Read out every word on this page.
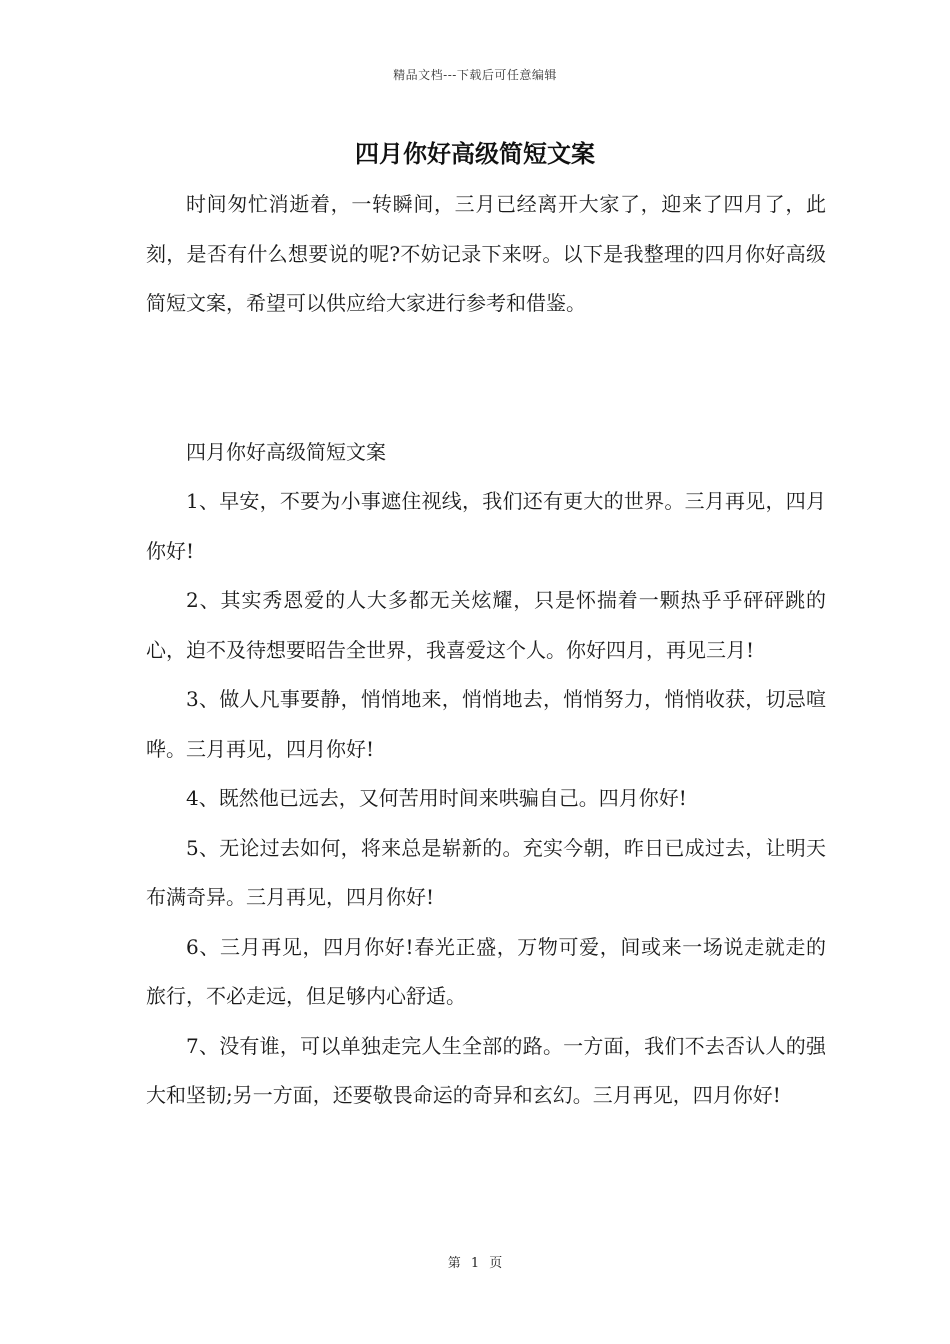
精品文档---下载后可任意编辑
四月你好高级简短文案

时间匆忙消逝着，一转瞬间，三月已经离开大家了，迎来了四月了，此刻，是否有什么想要说的呢?不妨记录下来呀。以下是我整理的四月你好高级简短文案，希望可以供应给大家进行参考和借鉴。

四月你好高级简短文案

1、早安，不要为小事遮住视线，我们还有更大的世界。三月再见，四月你好!

2、其实秀恩爱的人大多都无关炫耀，只是怀揣着一颗热乎乎砰砰跳的心，迫不及待想要昭告全世界，我喜爱这个人。你好四月，再见三月!

3、做人凡事要静，悄悄地来，悄悄地去，悄悄努力，悄悄收获，切忌喧哗。三月再见，四月你好!

4、既然他已远去，又何苦用时间来哄骗自己。四月你好!

5、无论过去如何，将来总是崭新的。充实今朝，昨日已成过去，让明天布满奇异。三月再见，四月你好!

6、三月再见，四月你好!春光正盛，万物可爱，间或来一场说走就走的旅行，不必走远，但足够内心舒适。

7、没有谁，可以单独走完人生全部的路。一方面，我们不去否认人的强大和坚韧;另一方面，还要敬畏命运的奇异和玄幻。三月再见，四月你好!

第 1 页
